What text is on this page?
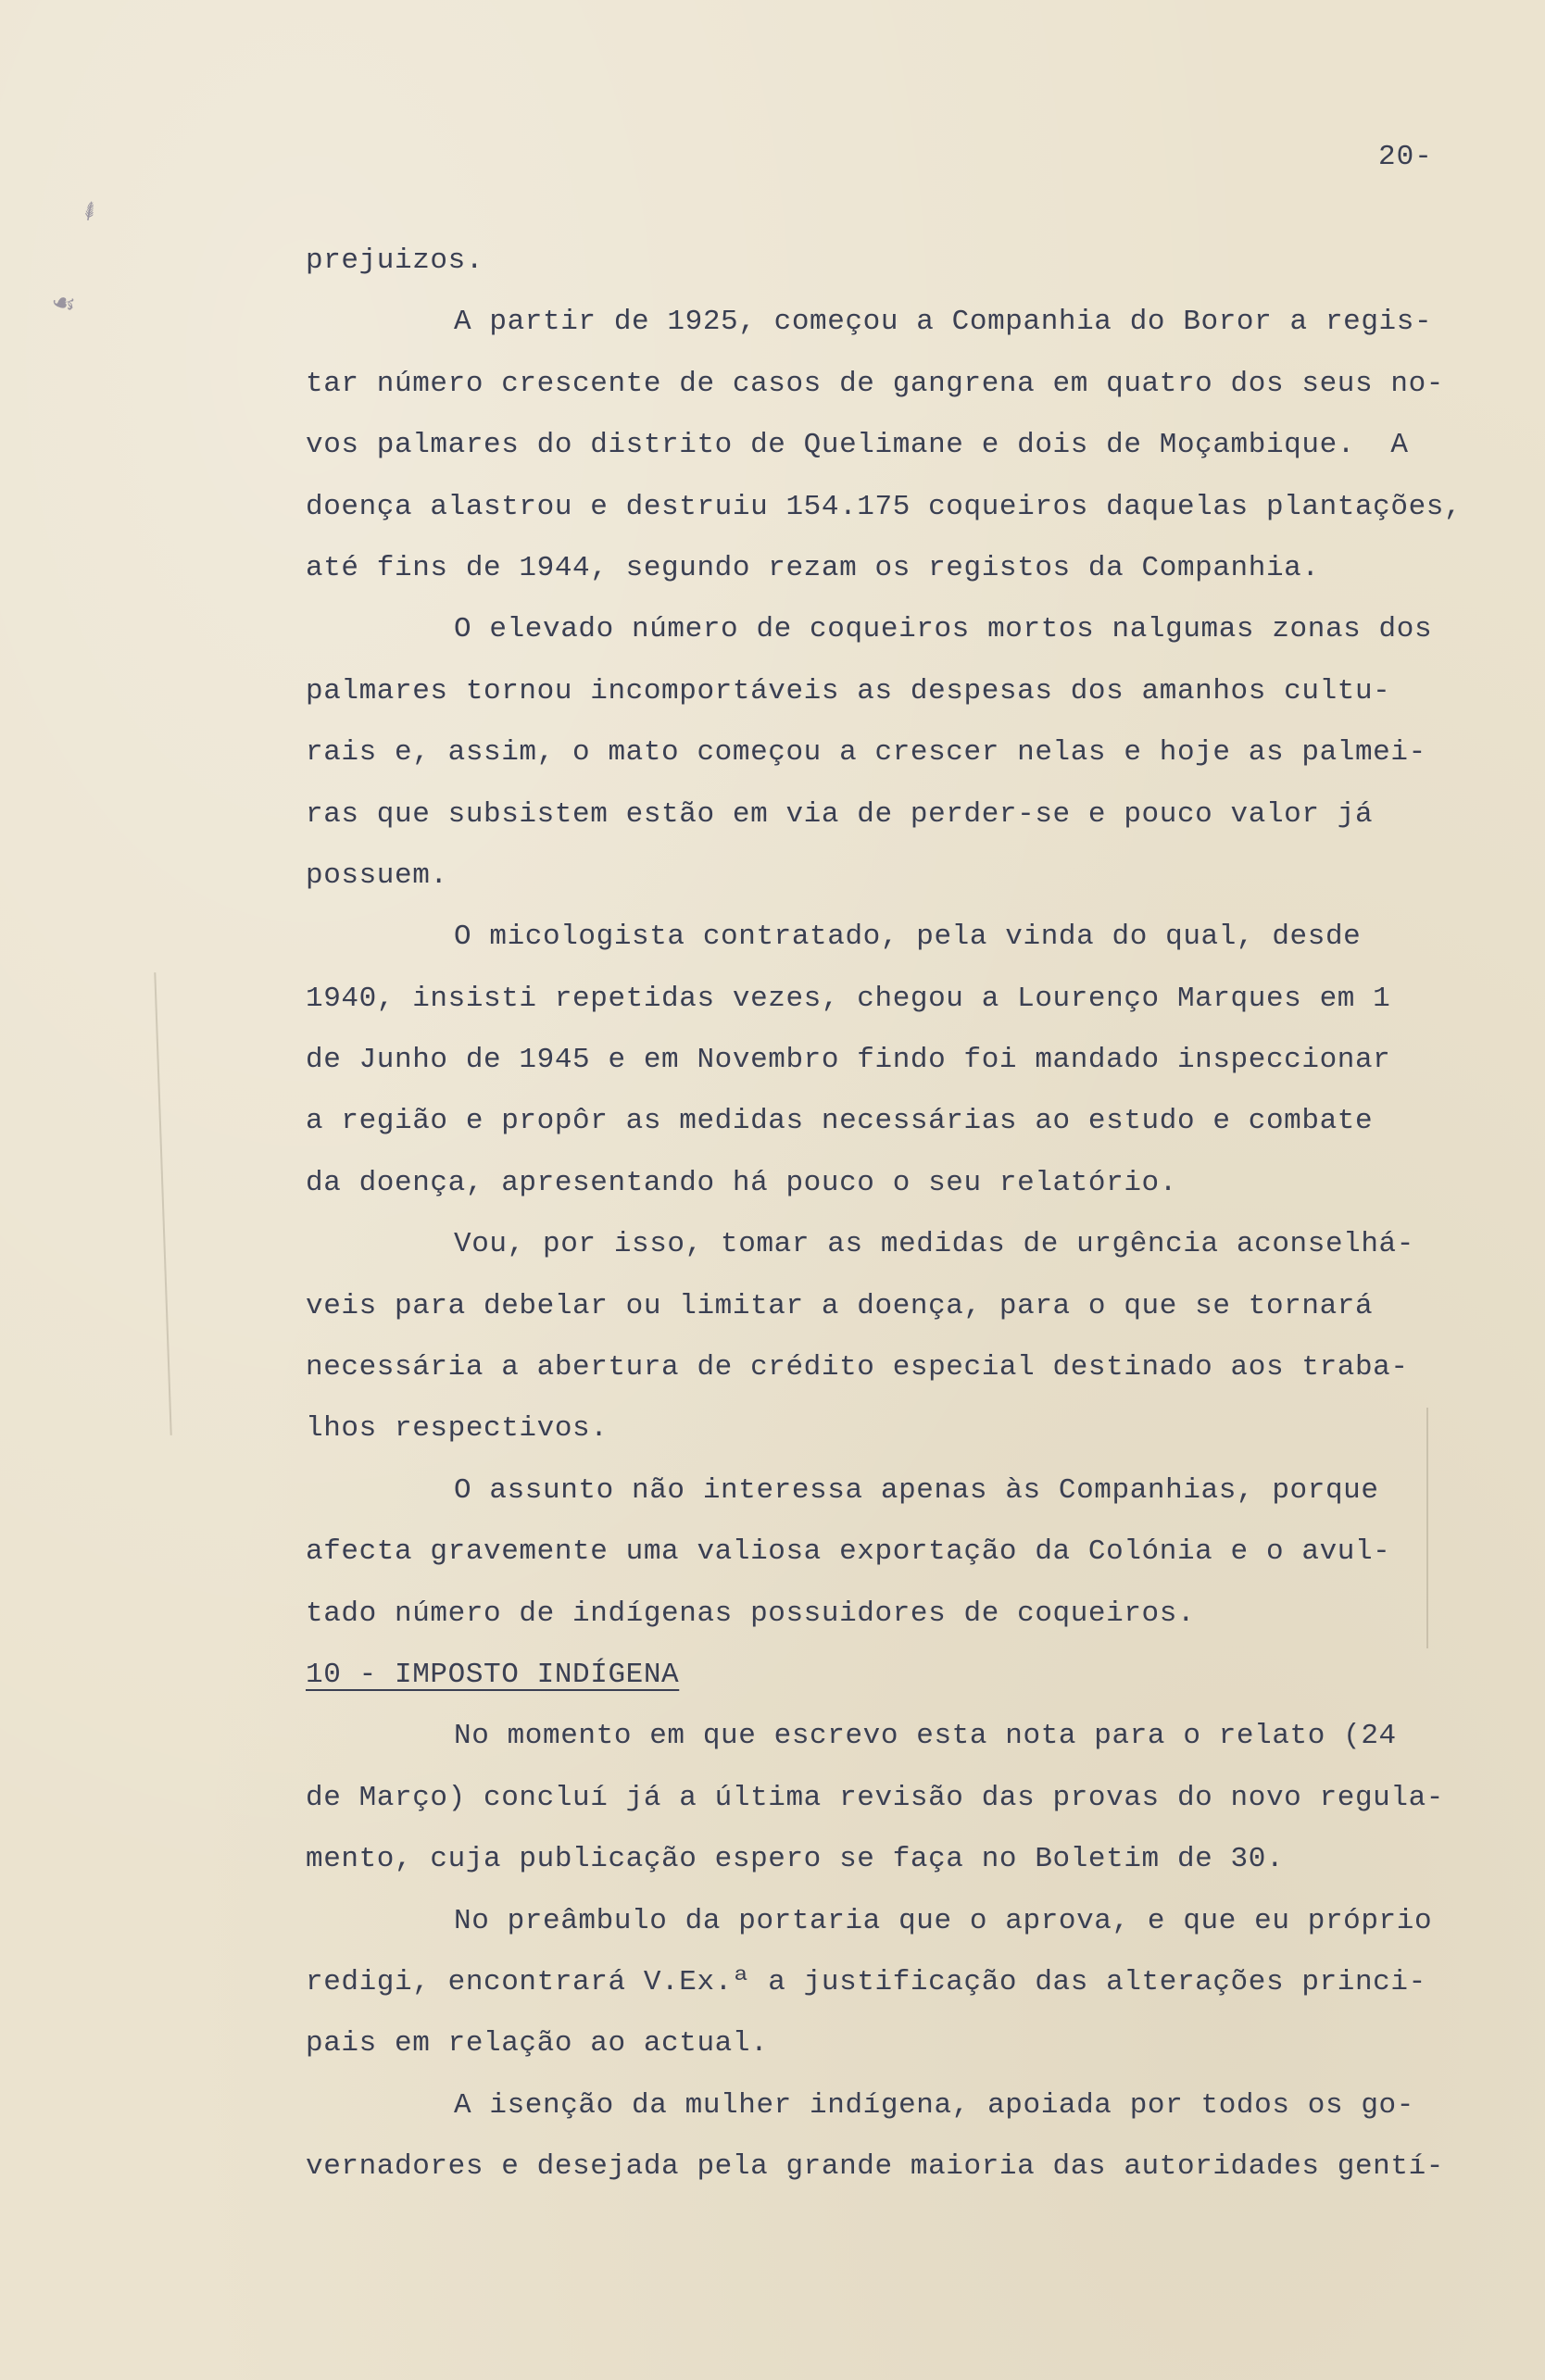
⸙
☙
20-
prejuizos.
A partir de 1925, começou a Companhia do Boror a regis-
tar número crescente de casos de gangrena em quatro dos seus no-
vos palmares do distrito de Quelimane e dois de Moçambique.  A
doença alastrou e destruiu 154.175 coqueiros daquelas plantações,
até fins de 1944, segundo rezam os registos da Companhia.
O elevado número de coqueiros mortos nalgumas zonas dos
palmares tornou incomportáveis as despesas dos amanhos cultu-
rais e, assim, o mato começou a crescer nelas e hoje as palmei-
ras que subsistem estão em via de perder-se e pouco valor já
possuem.
O micologista contratado, pela vinda do qual, desde
1940, insisti repetidas vezes, chegou a Lourenço Marques em 1
de Junho de 1945 e em Novembro findo foi mandado inspeccionar
a região e propôr as medidas necessárias ao estudo e combate
da doença, apresentando há pouco o seu relatório.
Vou, por isso, tomar as medidas de urgência aconselhá-
veis para debelar ou limitar a doença, para o que se tornará
necessária a abertura de crédito especial destinado aos traba-
lhos respectivos.
O assunto não interessa apenas às Companhias, porque
afecta gravemente uma valiosa exportação da Colónia e o avul-
tado número de indígenas possuidores de coqueiros.
10 - IMPOSTO INDÍGENA
No momento em que escrevo esta nota para o relato (24
de Março) concluí já a última revisão das provas do novo regula-
mento, cuja publicação espero se faça no Boletim de 30.
No preâmbulo da portaria que o aprova, e que eu próprio
redigi, encontrará V.Ex.ª a justificação das alterações princi-
pais em relação ao actual.
A isenção da mulher indígena, apoiada por todos os go-
vernadores e desejada pela grande maioria das autoridades gentí-
